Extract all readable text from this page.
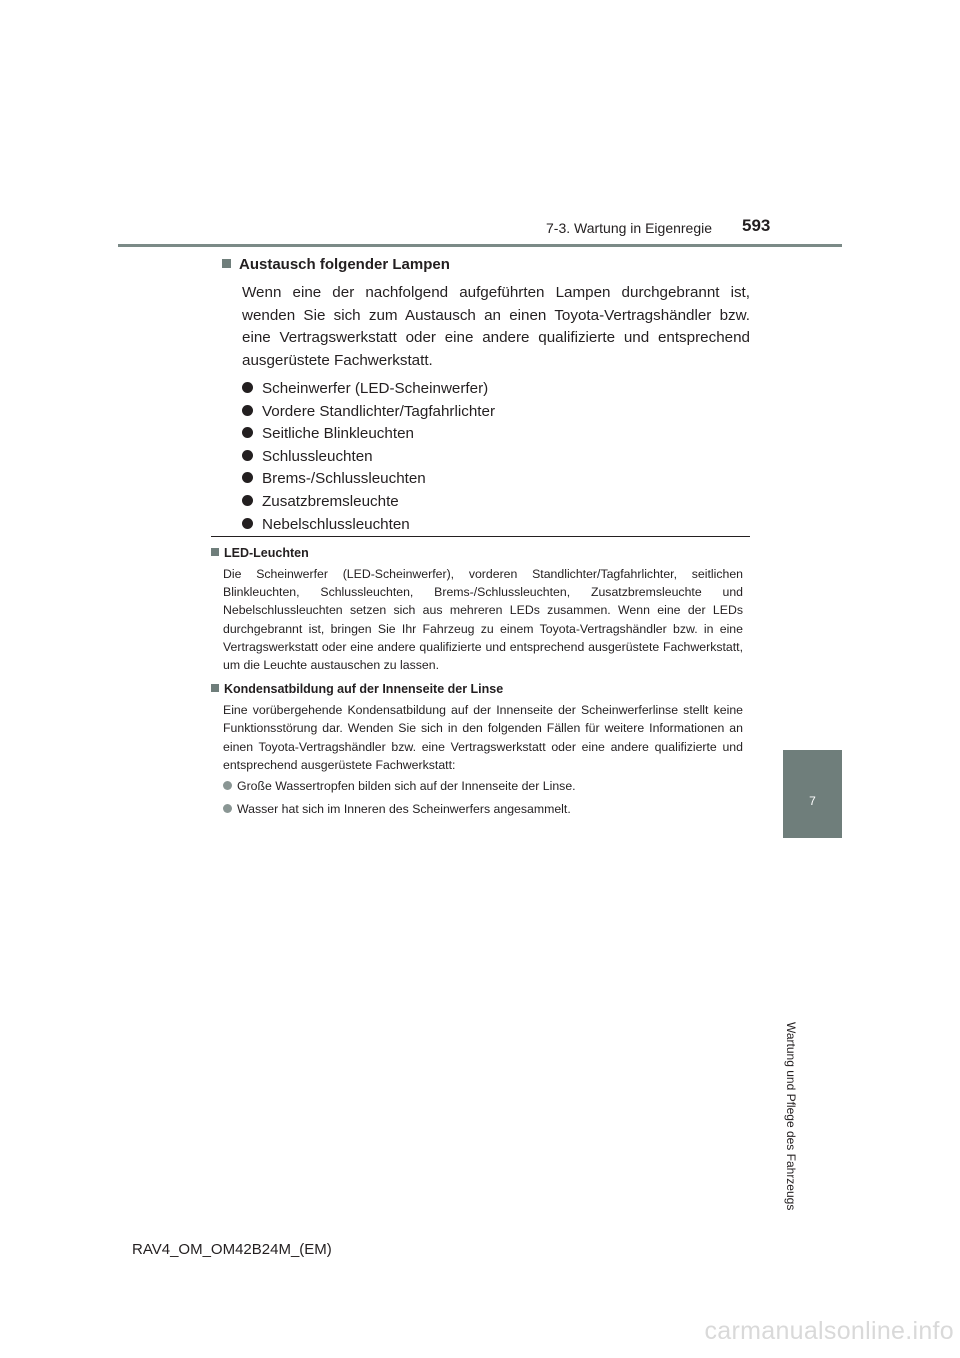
7-3. Wartung in Eigenregie 593
7
Wartung und Pflege des Fahrzeugs
Austausch folgender Lampen

Wenn eine der nachfolgend aufgeführten Lampen durchgebrannt ist, wenden Sie sich zum Austausch an einen Toyota-Vertragshändler bzw. eine Vertragswerkstatt oder eine andere qualifizierte und entsprechend ausgerüstete Fachwerkstatt.

Scheinwerfer (LED-Scheinwerfer)
Vordere Standlichter/Tagfahrlichter
Seitliche Blinkleuchten
Schlussleuchten
Brems-/Schlussleuchten
Zusatzbremsleuchte
Nebelschlussleuchten
LED-Leuchten
Die Scheinwerfer (LED-Scheinwerfer), vorderen Standlichter/Tagfahrlichter, seitlichen Blinkleuchten, Schlussleuchten, Brems-/Schlussleuchten, Zusatzbremsleuchte und Nebelschlussleuchten setzen sich aus mehreren LEDs zusammen. Wenn eine der LEDs durchgebrannt ist, bringen Sie Ihr Fahrzeug zu einem Toyota-Vertragshändler bzw. in eine Vertragswerkstatt oder eine andere qualifizierte und entsprechend ausgerüstete Fachwerkstatt, um die Leuchte austauschen zu lassen.
Kondensatbildung auf der Innenseite der Linse
Eine vorübergehende Kondensatbildung auf der Innenseite der Scheinwerferlinse stellt keine Funktionsstörung dar. Wenden Sie sich in den folgenden Fällen für weitere Informationen an einen Toyota-Vertragshändler bzw. eine Vertragswerkstatt oder eine andere qualifizierte und entsprechend ausgerüstete Fachwerkstatt:
Große Wassertropfen bilden sich auf der Innenseite der Linse.
Wasser hat sich im Inneren des Scheinwerfers angesammelt.
RAV4_OM_OM42B24M_(EM)
carmanualsonline.info
